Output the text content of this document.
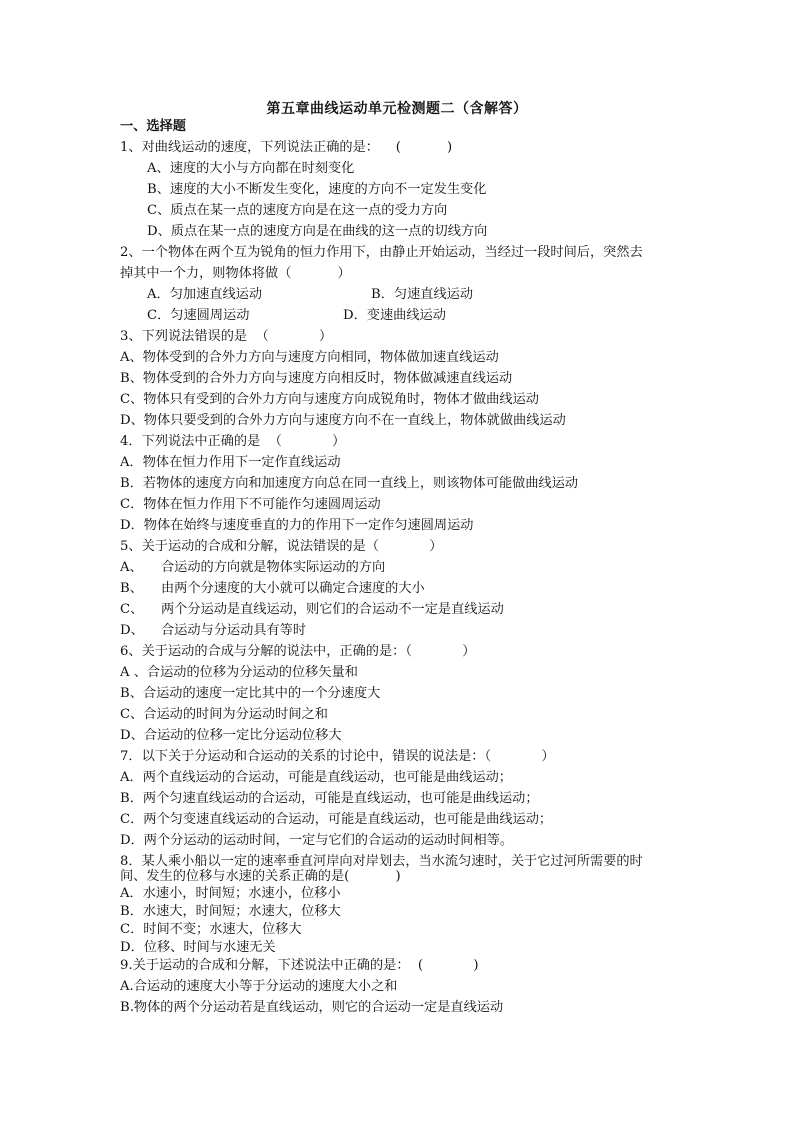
第五章曲线运动单元检测题二（含解答）
一、选择题
1、对曲线运动的速度，下列说法正确的是：    (           )
A、速度的大小与方向都在时刻变化
B、速度的大小不断发生变化，速度的方向不一定发生变化
C、质点在某一点的速度方向是在这一点的受力方向
D、质点在某一点的速度方向是在曲线的这一点的切线方向
2、一个物体在两个互为锐角的恒力作用下，由静止开始运动，当经过一段时间后，突然去
掉其中一个力，则物体将做（           ）
A．匀加速直线运动	B．匀速直线运动
C．匀速圆周运动	D．变速曲线运动
3、下列说法错误的是  （            ）
A、物体受到的合外力方向与速度方向相同，物体做加速直线运动
B、物体受到的合外力方向与速度方向相反时，物体做减速直线运动
C、物体只有受到的合外力方向与速度方向成锐角时，物体才做曲线运动
D、物体只要受到的合外力方向与速度方向不在一直线上，物体就做曲线运动
4．下列说法中正确的是  （            ）
A．物体在恒力作用下一定作直线运动
B．若物体的速度方向和加速度方向总在同一直线上，则该物体可能做曲线运动
C．物体在恒力作用下不可能作匀速圆周运动
D．物体在始终与速度垂直的力的作用下一定作匀速圆周运动
5、关于运动的合成和分解，说法错误的是（            ）
A、 合运动的方向就是物体实际运动的方向
B、 由两个分速度的大小就可以确定合速度的大小
C、 两个分运动是直线运动，则它们的合运动不一定是直线运动
D、 合运动与分运动具有等时
6、关于运动的合成与分解的说法中，正确的是：（            ）
A 、合运动的位移为分运动的位移矢量和
B、合运动的速度一定比其中的一个分速度大
C、合运动的时间为分运动时间之和
D、合运动的位移一定比分运动位移大
7．以下关于分运动和合运动的关系的讨论中，错误的说法是：（            ）
A．两个直线运动的合运动，可能是直线运动，也可能是曲线运动；
B．两个匀速直线运动的合运动，可能是直线运动，也可能是曲线运动；
C．两个匀变速直线运动的合运动，可能是直线运动，也可能是曲线运动；
D．两个分运动的运动时间，一定与它们的合运动的运动时间相等。
8．某人乘小船以一定的速率垂直河岸向对岸划去，当水流匀速时，关于它过河所需要的时
间、发生的位移与水速的关系正确的是(           )
A．水速小，时间短；水速小，位移小
B．水速大，时间短；水速大，位移大
C．时间不变；水速大，位移大
D．位移、时间与水速无关
9.关于运动的合成和分解，下述说法中正确的是：  (            )
A.合运动的速度大小等于分运动的速度大小之和
B.物体的两个分运动若是直线运动，则它的合运动一定是直线运动
